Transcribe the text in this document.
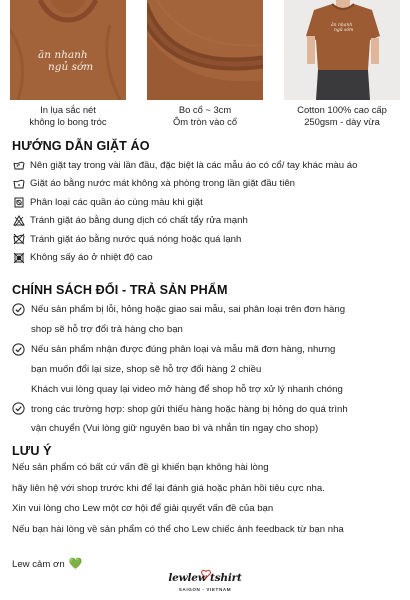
ăn nhanh
ngủ sớm
ăn nhanh
ngủ sớm
In lụa sắc nét
không lo bong tróc
Bo cổ ~ 3cm
Ôm tròn vào cổ
Cotton 100% cao cấp
250gsm - dày vừa
HƯỚNG DẪN GIẶT ÁO
Nên giặt tay trong vài lần đầu, đặc biệt là các mẫu áo có cổ/ tay khác màu áo
Giặt áo bằng nước mát không xà phòng trong lần giặt đầu tiên
Phân loại các quần áo cùng màu khi giặt
Tránh giặt áo bằng dung dịch có chất tẩy rửa mạnh
Tránh giặt áo bằng nước quá nóng hoặc quá lạnh
Không sấy áo ở nhiệt độ cao
CHÍNH SÁCH ĐỔI - TRẢ SẢN PHẨM
Nếu sản phẩm bị lỗi, hỏng hoặc giao sai mẫu, sai phân loại trên đơn hàng
shop sẽ hỗ trợ đổi trả hàng cho bạn
Nếu sản phẩm nhận được đúng phân loại và mẫu mã đơn hàng, nhưng
bạn muốn đổi lại size, shop sẽ hỗ trợ đổi hàng 2 chiều
Khách vui lòng quay lại video mở hàng để shop hỗ trợ xử lý nhanh chóng
trong các trường hợp: shop gửi thiếu hàng hoặc hàng bị hỏng do quá trình
vận chuyển (Vui lòng giữ nguyên bao bì và nhắn tin ngay cho shop)
LƯU Ý
Nếu sản phẩm có bất cứ vấn đề gì khiến bạn không hài lòng
hãy liên hệ với shop trước khi để lại đánh giá hoặc phản hồi tiêu cực nha.
Xin vui lòng cho Lew một cơ hội để giải quyết vấn đề của bạn
Nếu bạn hài lòng về sản phẩm có thể cho Lew chiếc ảnh feedback từ bạn nha
Lew cảm ơn 💚
lewlew tshirt
SAIGON - VIETNAM
